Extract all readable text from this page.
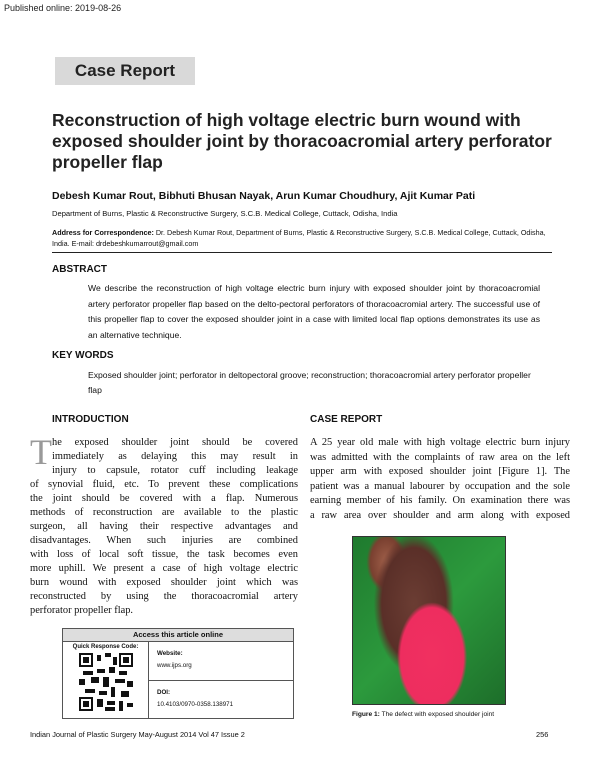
Published online: 2019-08-26
Case Report
Reconstruction of high voltage electric burn wound with exposed shoulder joint by thoracoacromial artery perforator propeller flap
Debesh Kumar Rout, Bibhuti Bhusan Nayak, Arun Kumar Choudhury, Ajit Kumar Pati
Department of Burns, Plastic & Reconstructive Surgery, S.C.B. Medical College, Cuttack, Odisha, India
Address for Correspondence: Dr. Debesh Kumar Rout, Department of Burns, Plastic & Reconstructive Surgery, S.C.B. Medical College, Cuttack, Odisha, India. E-mail: drdebeshkumarrout@gmail.com
ABSTRACT
We describe the reconstruction of high voltage electric burn injury with exposed shoulder joint by thoracoacromial artery perforator propeller flap based on the delto-pectoral perforators of thoracoacromial artery. The successful use of this propeller flap to cover the exposed shoulder joint in a case with limited local flap options demonstrates its use as an alternative technique.
KEY WORDS
Exposed shoulder joint; perforator in deltopectoral groove; reconstruction; thoracoacromial artery perforator propeller flap
INTRODUCTION
T he exposed shoulder joint should be covered
immediately as delaying this may result in
injury to capsule, rotator cuff including leakage
of synovial fluid, etc. To prevent these complications
the joint should be covered with a flap. Numerous
methods of reconstruction are available to the plastic
surgeon, all having their respective advantages and
disadvantages. When such injuries are combined
with loss of local soft tissue, the task becomes even
more uphill. We present a case of high voltage electric
burn wound with exposed shoulder joint which was
reconstructed by using the thoracoacromial artery
perforator propeller flap.
CASE REPORT
A 25 year old male with high voltage electric burn injury
was admitted with the complaints of raw area on the left
upper arm with exposed shoulder joint [Figure 1]. The
patient was a manual labourer by occupation and the sole
earning member of his family. On examination there was
a raw area over shoulder and arm along with exposed
Access this article online
Quick Response Code:
Website:
www.ijps.org
DOI:
10.4103/0970-0358.138971
Figure 1: The defect with exposed shoulder joint
Indian Journal of Plastic Surgery May-August 2014 Vol 47 Issue 2	256
